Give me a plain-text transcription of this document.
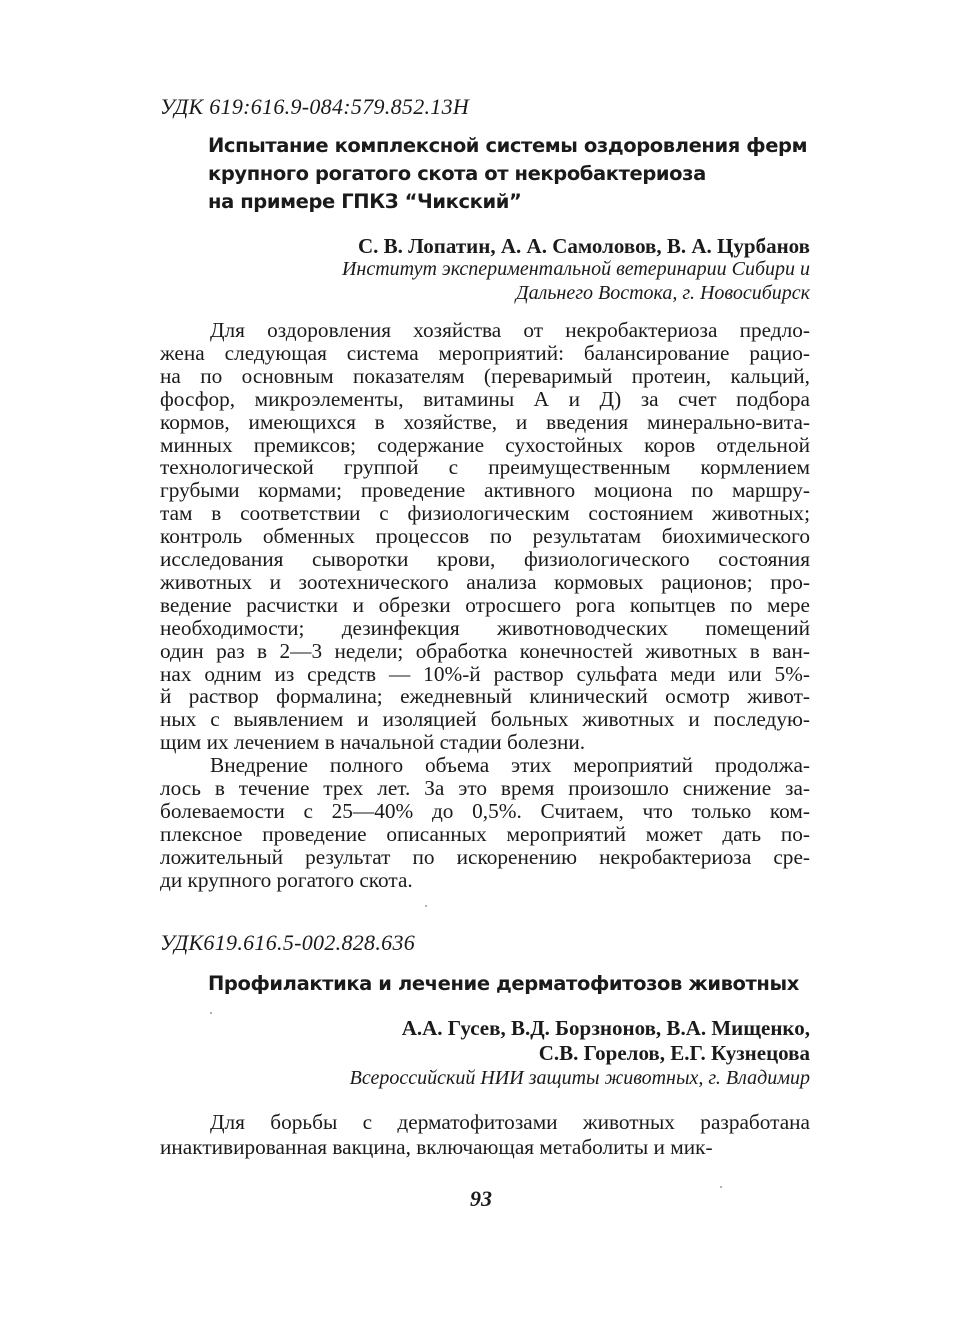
УДК 619:616.9-084:579.852.13Н
Испытание комплексной системы оздоровления ферм
крупного рогатого скота от некробактериоза
на примере ГПКЗ “Чикский”
С. В. Лопатин, А. А. Самоловов, В. А. Цурбанов
Институт экспериментальной ветеринарии Сибири и
Дальнего Востока, г. Новосибирск
Для оздоровления хозяйства от некробактериоза предло-
жена следующая система мероприятий: балансирование рацио-
на по основным показателям (переваримый протеин, кальций,
фосфор, микроэлементы, витамины А и Д) за счет подбора
кормов, имеющихся в хозяйстве, и введения минерально-вита-
минных премиксов; содержание сухостойных коров отдельной
технологической группой с преимущественным кормлением
грубыми кормами; проведение активного моциона по маршру-
там в соответствии с физиологическим состоянием животных;
контроль обменных процессов по результатам биохимического
исследования сыворотки крови, физиологического состояния
животных и зоотехнического анализа кормовых рационов; про-
ведение расчистки и обрезки отросшего рога копытцев по мере
необходимости; дезинфекция животноводческих помещений
один раз в 2—3 недели; обработка конечностей животных в ван-
нах одним из средств — 10%-й раствор сульфата меди или 5%-
й раствор формалина; ежедневный клинический осмотр живот-
ных с выявлением и изоляцией больных животных и последую-
щим их лечением в начальной стадии болезни.
Внедрение полного объема этих мероприятий продолжа-
лось в течение трех лет. За это время произошло снижение за-
болеваемости с 25—40% до 0,5%. Считаем, что только ком-
плексное проведение описанных мероприятий может дать по-
ложительный результат по искоренению некробактериоза сре-
ди крупного рогатого скота.
УДК619.616.5-002.828.636
Профилактика и лечение дерматофитозов животных
А.А. Гусев, В.Д. Борзнонов, В.А. Мищенко,
С.В. Горелов, Е.Г. Кузнецова
Всероссийский НИИ защиты животных, г. Владимир
Для борьбы с дерматофитозами животных разработана
инактивированная вакцина, включающая метаболиты и мик-
93
